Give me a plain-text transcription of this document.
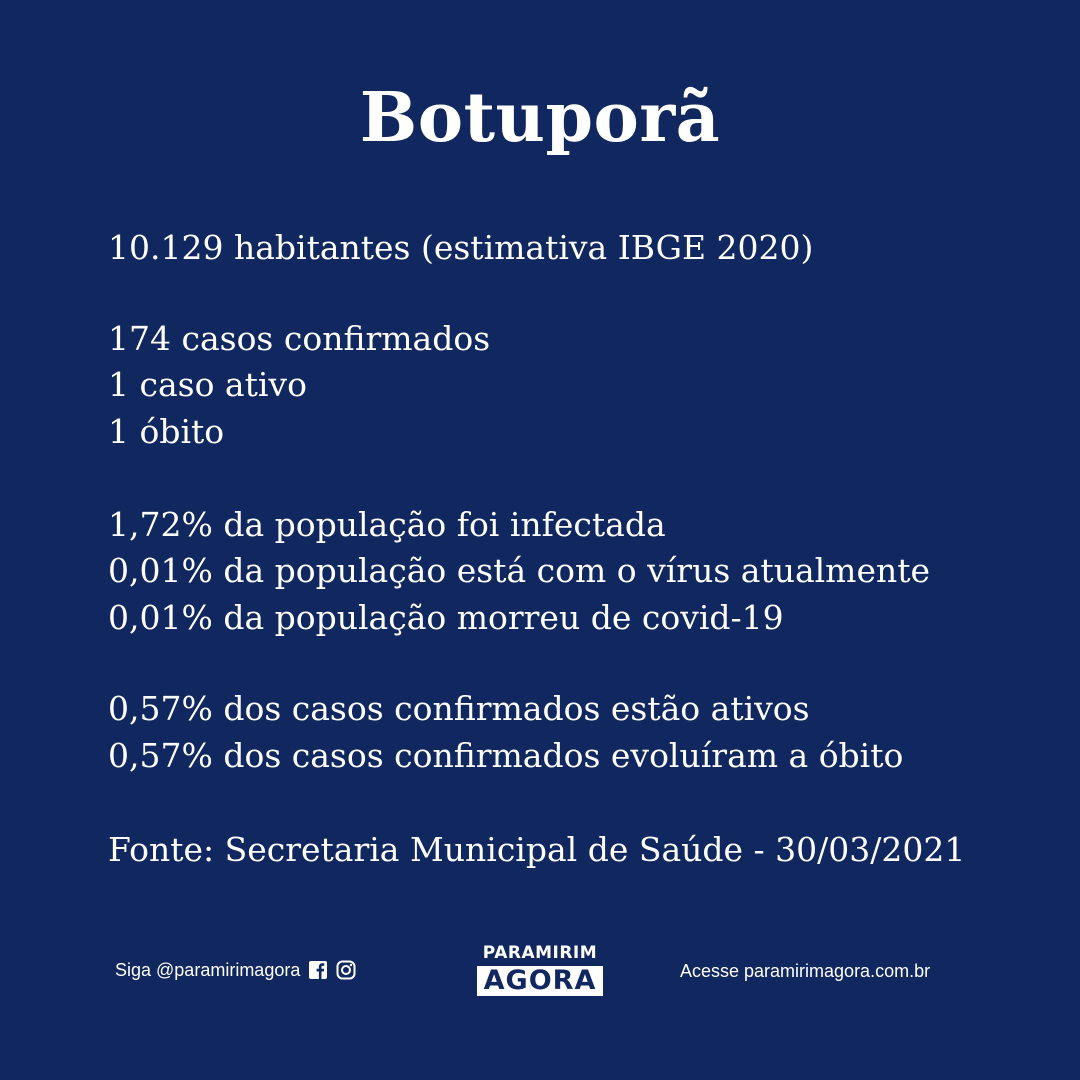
Botuporã
10.129 habitantes (estimativa IBGE 2020)
174 casos confirmados
1 caso ativo
1 óbito
1,72% da população foi infectada
0,01% da população está com o vírus atualmente
0,01% da população morreu de covid-19
0,57% dos casos confirmados estão ativos
0,57% dos casos confirmados evoluíram a óbito
Fonte: Secretaria Municipal de Saúde - 30/03/2021
Siga @paramirimagora
PARAMIRIM
AGORA	Acesse paramirimagora.com.br
